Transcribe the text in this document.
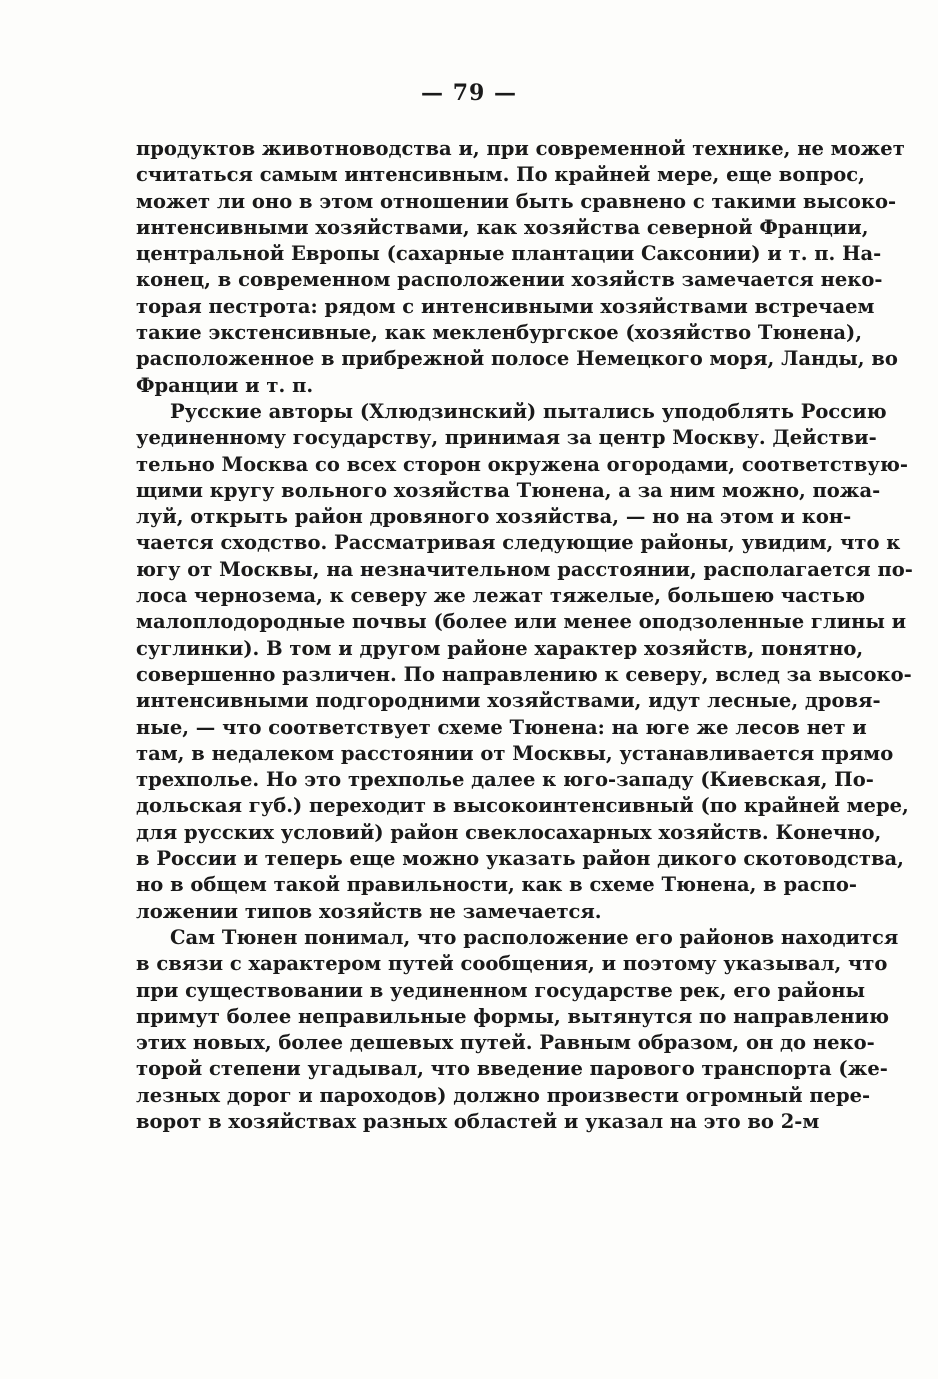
— 79 —
продуктов животноводства и, при современной технике, не может
считаться самым интенсивным. По крайней мере, еще вопрос,
может ли оно в этом отношении быть сравнено с такими высоко-
интенсивными хозяйствами, как хозяйства северной Франции,
центральной Европы (сахарные плантации Саксонии) и т. п. На-
конец, в современном расположении хозяйств замечается неко-
торая пестрота: рядом с интенсивными хозяйствами встречаем
такие экстенсивные, как мекленбургское (хозяйство Тюнена),
расположенное в прибрежной полосе Немецкого моря, Ланды, во
Франции и т. п.
Русские авторы (Хлюдзинский) пытались уподоблять Россию
уединенному государству, принимая за центр Москву. Действи-
тельно Москва со всех сторон окружена огородами, соответствую-
щими кругу вольного хозяйства Тюнена, а за ним можно, пожа-
луй, открыть район дровяного хозяйства, — но на этом и кон-
чается сходство. Рассматривая следующие районы, увидим, что к
югу от Москвы, на незначительном расстоянии, располагается по-
лоса чернозема, к северу же лежат тяжелые, большею частью
малоплодородные почвы (более или менее оподзоленные глины и
суглинки). В том и другом районе характер хозяйств, понятно,
совершенно различен. По направлению к северу, вслед за высоко-
интенсивными подгородними хозяйствами, идут лесные, дровя-
ные, — что соответствует схеме Тюнена: на юге же лесов нет и
там, в недалеком расстоянии от Москвы, устанавливается прямо
трехполье. Но это трехполье далее к юго-западу (Киевская, По-
дольская губ.) переходит в высокоинтенсивный (по крайней мере,
для русских условий) район свеклосахарных хозяйств. Конечно,
в России и теперь еще можно указать район дикого скотоводства,
но в общем такой правильности, как в схеме Тюнена, в распо-
ложении типов хозяйств не замечается.
Сам Тюнен понимал, что расположение его районов находится
в связи с характером путей сообщения, и поэтому указывал, что
при существовании в уединенном государстве рек, его районы
примут более неправильные формы, вытянутся по направлению
этих новых, более дешевых путей. Равным образом, он до неко-
торой степени угадывал, что введение парового транспорта (же-
лезных дорог и пароходов) должно произвести огромный пере-
ворот в хозяйствах разных областей и указал на это во 2-м
